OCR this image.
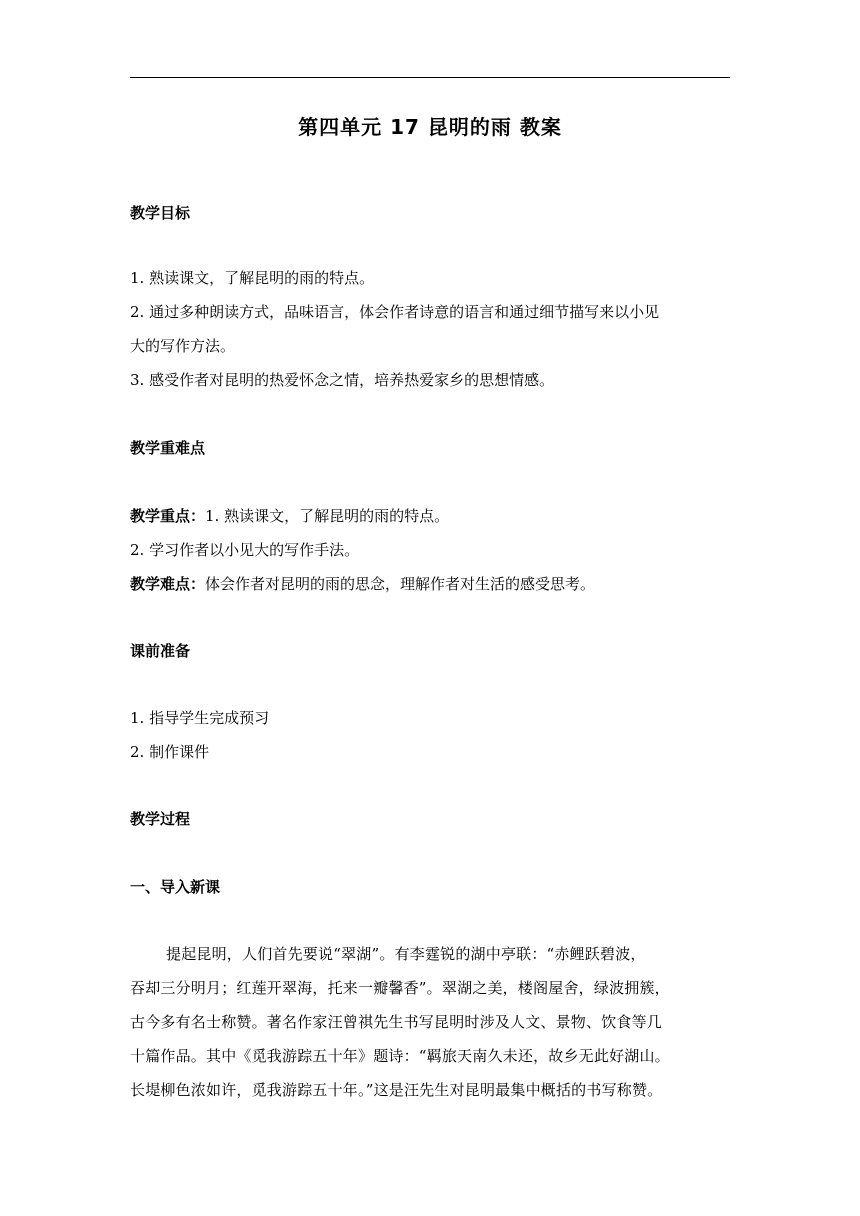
第四单元 17 昆明的雨 教案
教学目标
1. 熟读课文，了解昆明的雨的特点。
2. 通过多种朗读方式，品味语言，体会作者诗意的语言和通过细节描写来以小见
大的写作方法。
3. 感受作者对昆明的热爱怀念之情，培养热爱家乡的思想情感。
教学重难点
教学重点：1. 熟读课文，了解昆明的雨的特点。
2. 学习作者以小见大的写作手法。
教学难点：体会作者对昆明的雨的思念，理解作者对生活的感受思考。
课前准备
1. 指导学生完成预习
2. 制作课件
教学过程
一、导入新课
提起昆明，人们首先要说“翠湖”。有李霆锐的湖中亭联：“赤鲤跃碧波，
吞却三分明月；红莲开翠海，托来一瓣馨香”。翠湖之美，楼阁屋舍，绿波拥簇，
古今多有名士称赞。著名作家汪曾祺先生书写昆明时涉及人文、景物、饮食等几
十篇作品。其中《觅我游踪五十年》题诗：“羁旅天南久未还，故乡无此好湖山。
长堤柳色浓如许，觅我游踪五十年。”这是汪先生对昆明最集中概括的书写称赞。
